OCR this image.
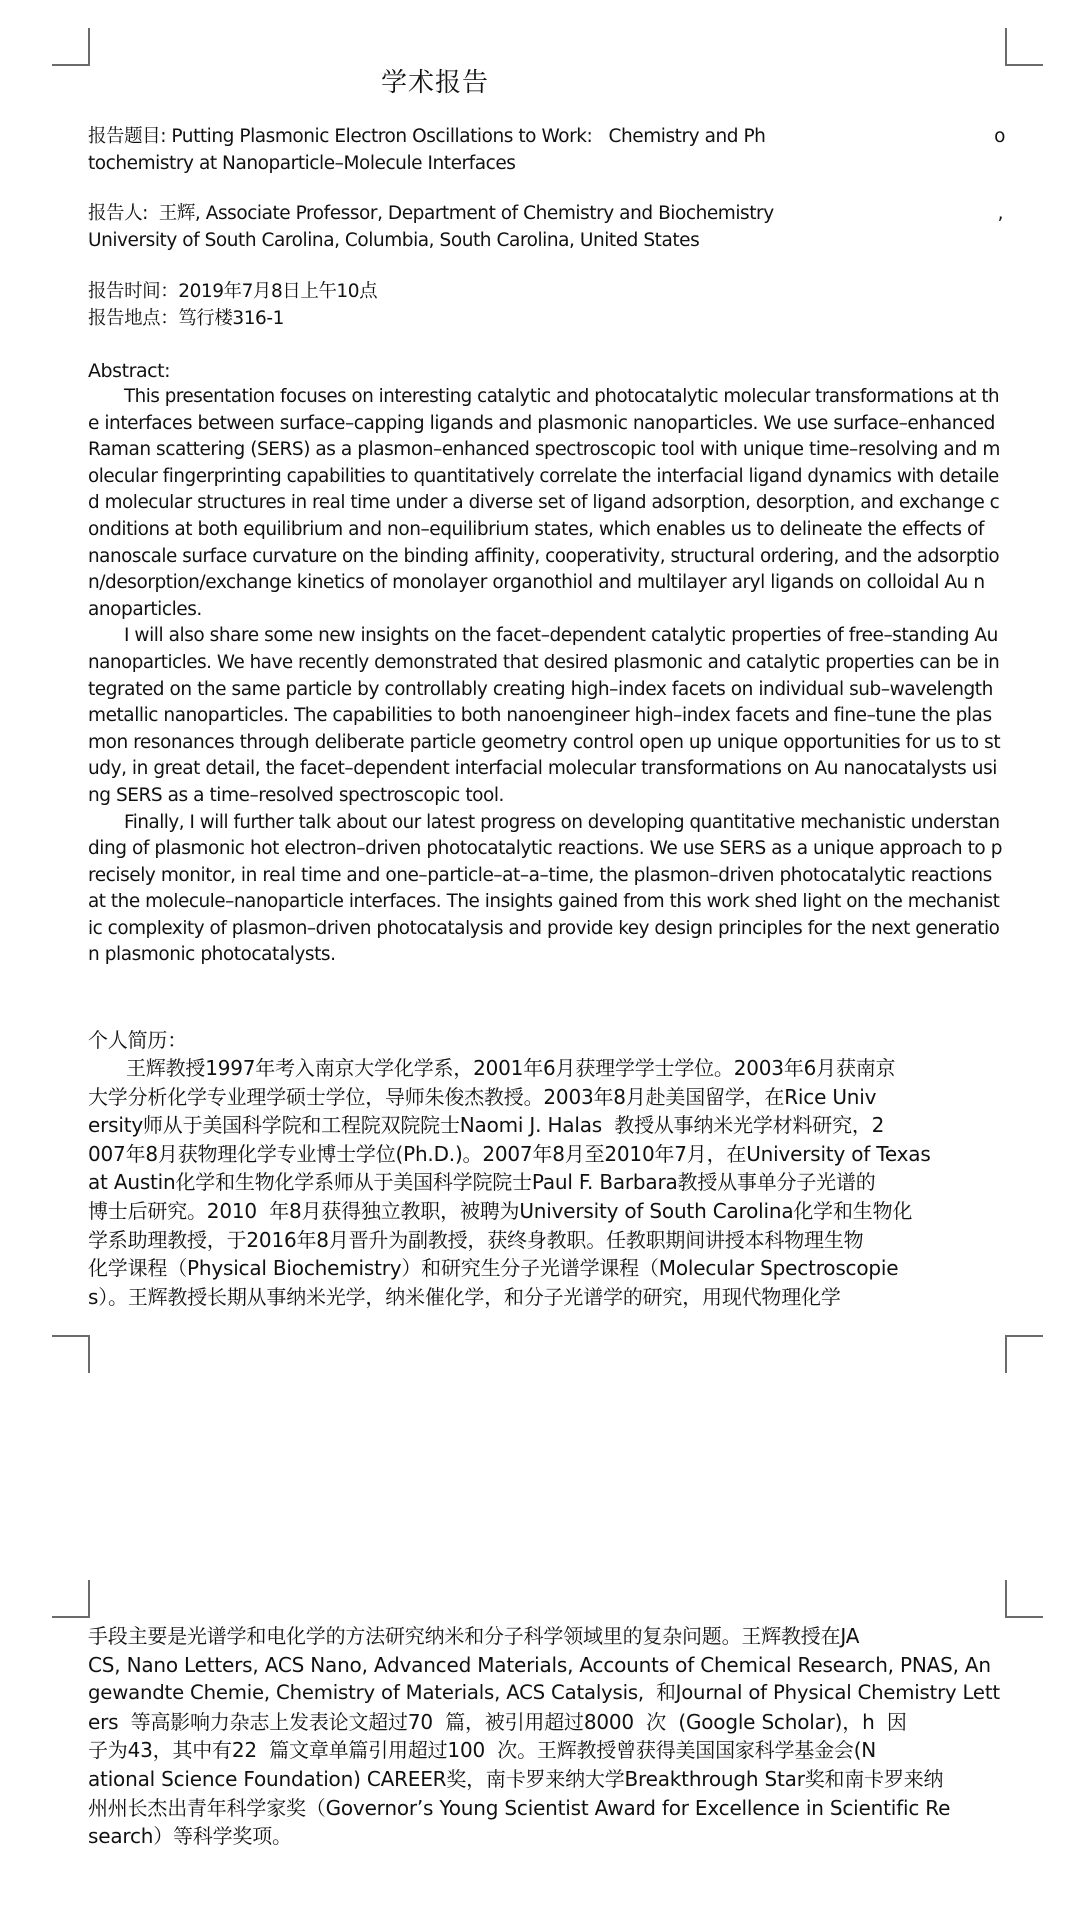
学术报告
报告题目: Putting Plasmonic Electron Oscillations to Work:   Chemistry and Ph
tochemistry at Nanoparticle–Molecule Interfaces
o
报告人:  王辉, Associate Professor, Department of Chemistry and Biochemistry
University of South Carolina, Columbia, South Carolina, United States
,
报告时间：2019年7月8日上午10点
报告地点：笃行楼316-1
Abstract:
This presentation focuses on interesting catalytic and photocatalytic molecular transformations at th
e interfaces between surface–capping ligands and plasmonic nanoparticles. We use surface–enhanced
Raman scattering (SERS) as a plasmon–enhanced spectroscopic tool with unique time–resolving and m
olecular fingerprinting capabilities to quantitatively correlate the interfacial ligand dynamics with detaile
d molecular structures in real time under a diverse set of ligand adsorption, desorption, and exchange c
onditions at both equilibrium and non–equilibrium states, which enables us to delineate the effects of
nanoscale surface curvature on the binding affinity, cooperativity, structural ordering, and the adsorptio
n/desorption/exchange kinetics of monolayer organothiol and multilayer aryl ligands on colloidal Au n
anoparticles.
I will also share some new insights on the facet–dependent catalytic properties of free–standing Au
nanoparticles. We have recently demonstrated that desired plasmonic and catalytic properties can be in
tegrated on the same particle by controllably creating high–index facets on individual sub–wavelength
metallic nanoparticles. The capabilities to both nanoengineer high–index facets and fine–tune the plas
mon resonances through deliberate particle geometry control open up unique opportunities for us to st
udy, in great detail, the facet–dependent interfacial molecular transformations on Au nanocatalysts usi
ng SERS as a time–resolved spectroscopic tool.
Finally, I will further talk about our latest progress on developing quantitative mechanistic understan
ding of plasmonic hot electron–driven photocatalytic reactions. We use SERS as a unique approach to p
recisely monitor, in real time and one–particle–at–a–time, the plasmon–driven photocatalytic reactions
at the molecule–nanoparticle interfaces. The insights gained from this work shed light on the mechanist
ic complexity of plasmon–driven photocatalysis and provide key design principles for the next generatio
n plasmonic photocatalysts.
个人简历：
王辉教授1997年考入南京大学化学系，2001年6月获理学学士学位。2003年6月获南京
大学分析化学专业理学硕士学位，导师朱俊杰教授。2003年8月赴美国留学，在Rice Univ
ersity师从于美国科学院和工程院双院院士Naomi J. Halas  教授从事纳米光学材料研究，2
007年8月获物理化学专业博士学位(Ph.D.)。2007年8月至2010年7月，在University of Texas
at Austin化学和生物化学系师从于美国科学院院士Paul F. Barbara教授从事单分子光谱的
博士后研究。2010  年8月获得独立教职，被聘为University of South Carolina化学和生物化
学系助理教授，于2016年8月晋升为副教授，获终身教职。任教职期间讲授本科物理生物
化学课程（Physical Biochemistry）和研究生分子光谱学课程（Molecular Spectroscopie
s）。王辉教授长期从事纳米光学，纳米催化学，和分子光谱学的研究，用现代物理化学
手段主要是光谱学和电化学的方法研究纳米和分子科学领域里的复杂问题。王辉教授在JA
CS, Nano Letters, ACS Nano, Advanced Materials, Accounts of Chemical Research, PNAS, An
gewandte Chemie, Chemistry of Materials, ACS Catalysis,  和Journal of Physical Chemistry Lett
ers  等高影响力杂志上发表论文超过70  篇，被引用超过8000  次  (Google Scholar)，h  因
子为43，其中有22  篇文章单篇引用超过100  次。王辉教授曾获得美国国家科学基金会(N
ational Science Foundation) CAREER奖，南卡罗来纳大学Breakthrough Star奖和南卡罗来纳
州州长杰出青年科学家奖（Governor’s Young Scientist Award for Excellence in Scientific Re
search）等科学奖项。
